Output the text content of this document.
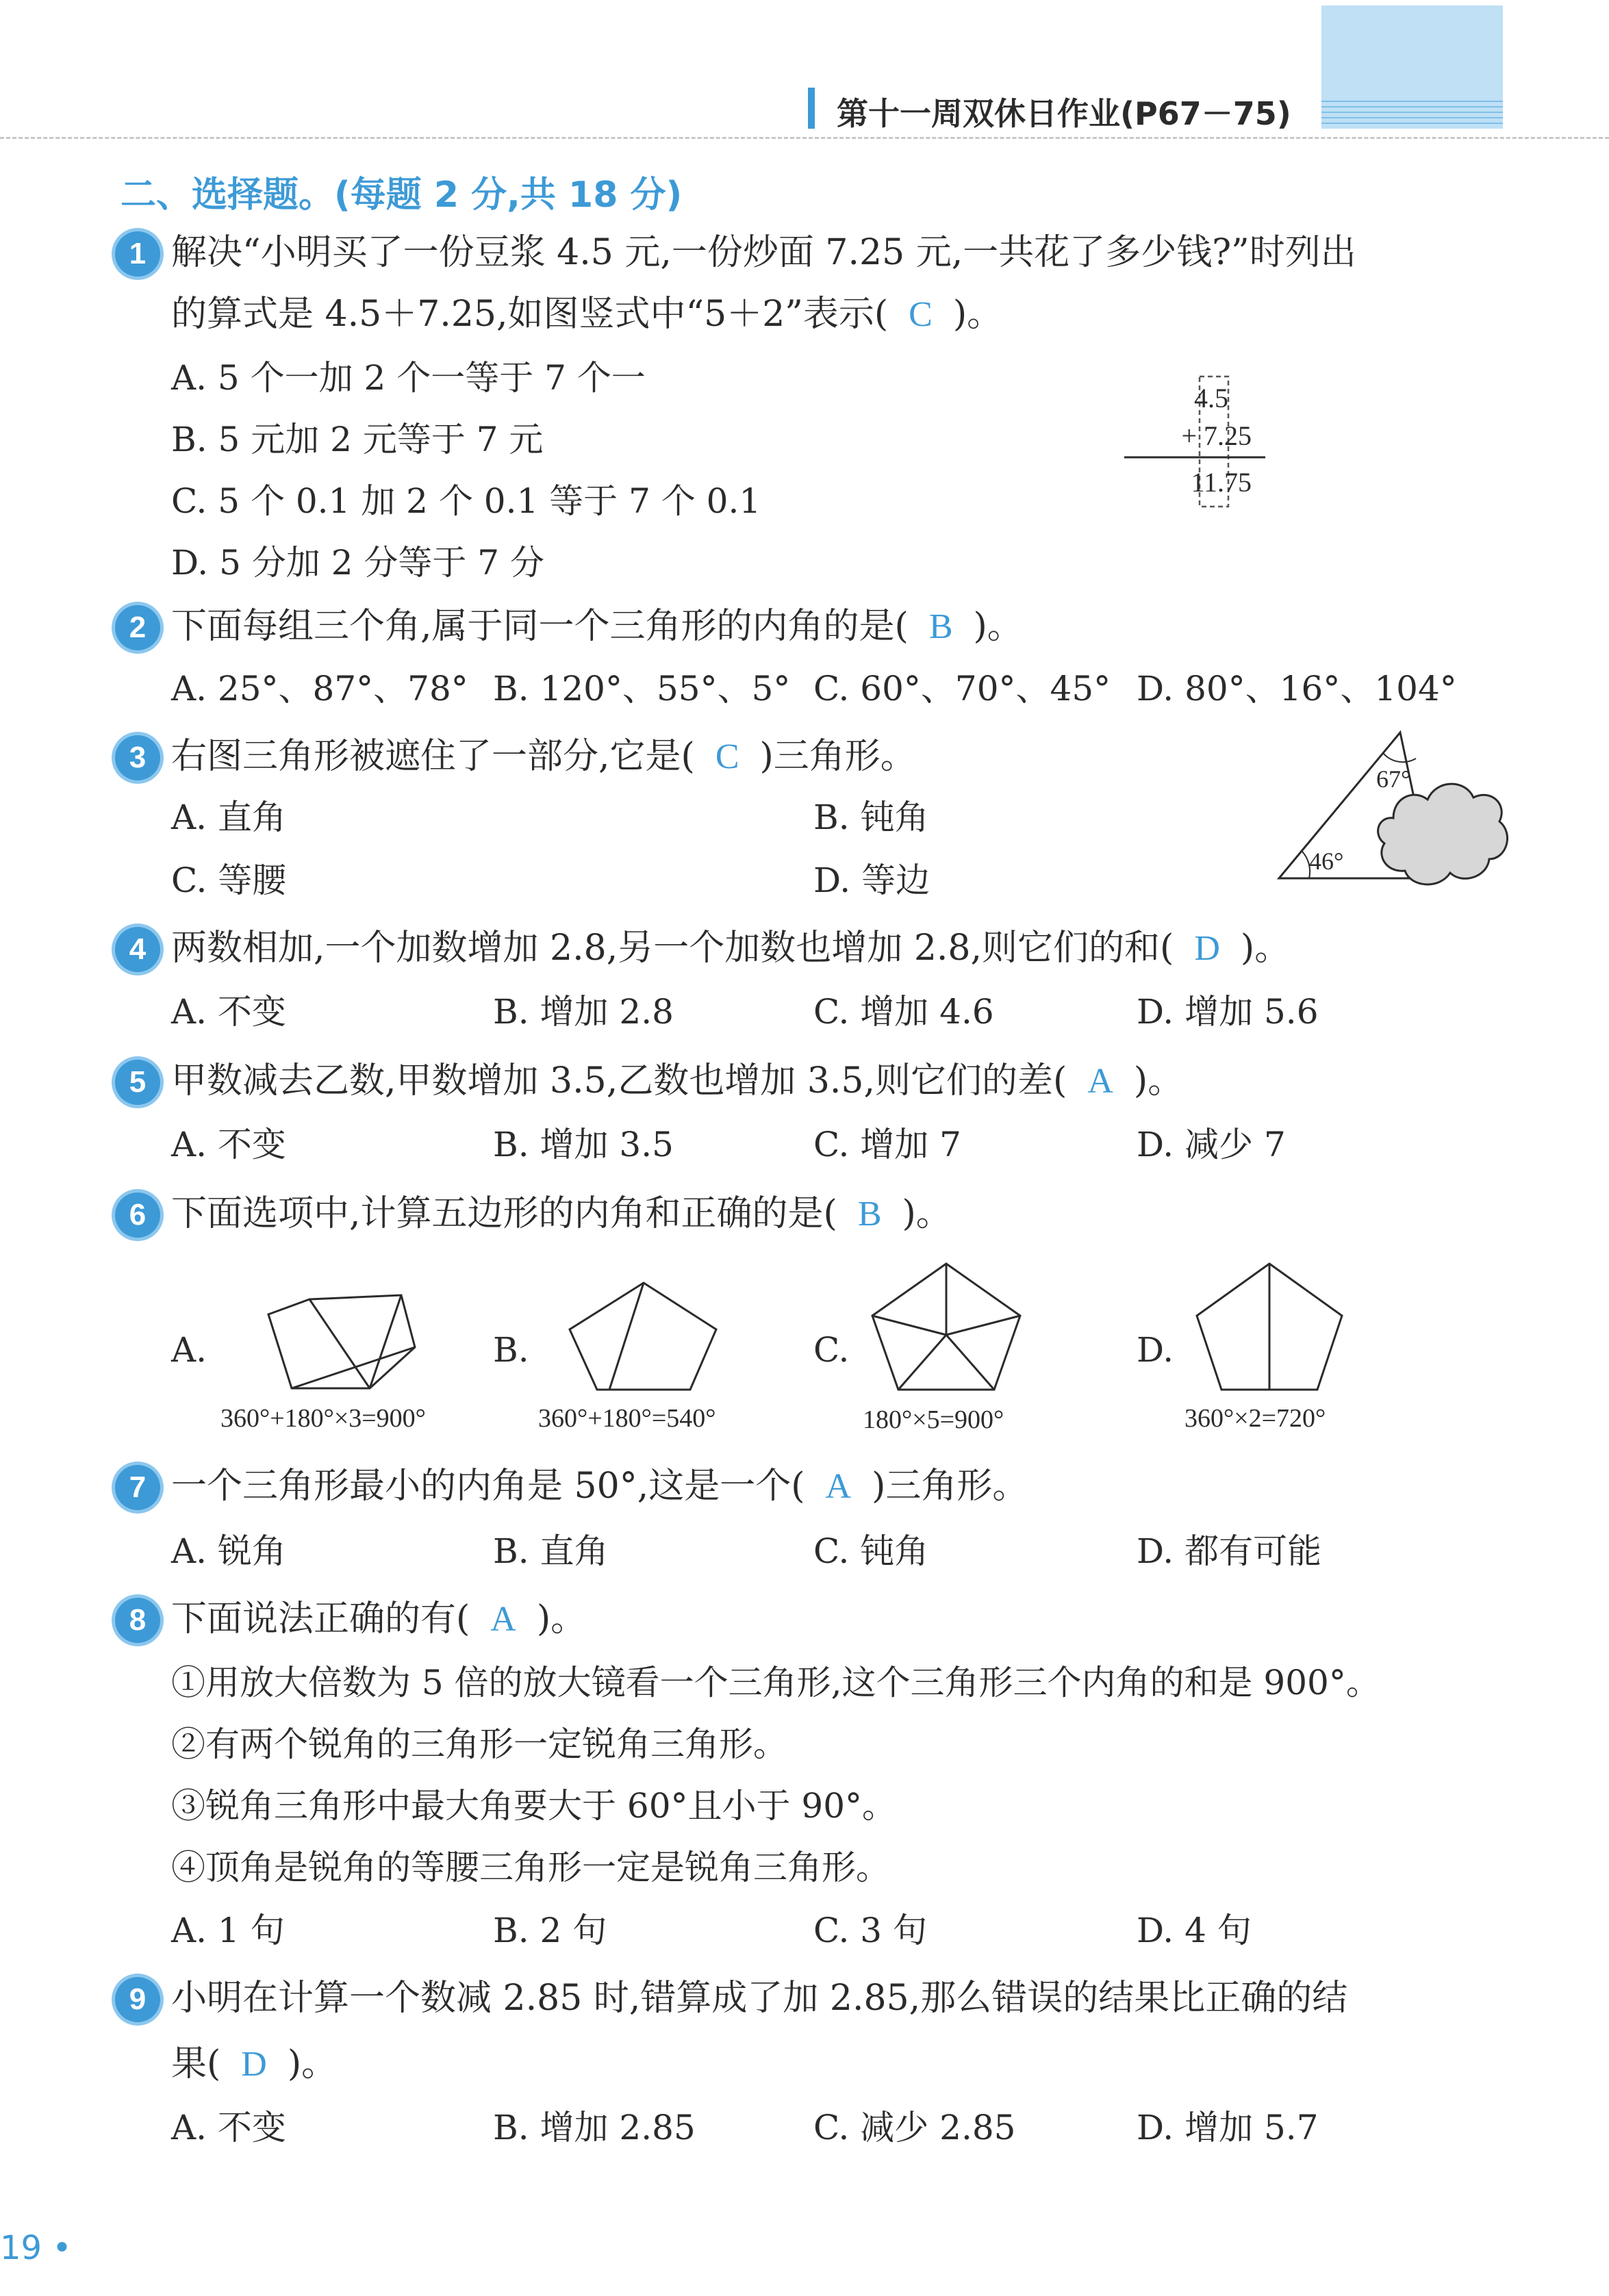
第十一周双休日作业(P67－75)
二、选择题。(每题 2 分,共 18 分)
1 解决“小明买了一份豆浆 4.5 元,一份炒面 7.25 元,一共花了多少钱?”时列出
的算式是 4.5＋7.25,如图竖式中“5＋2”表示( C )。
A. 5 个一加 2 个一等于 7 个一
B. 5 元加 2 元等于 7 元
C. 5 个 0.1 加 2 个 0.1 等于 7 个 0.1
D. 5 分加 2 分等于 7 分
4.5
+ 7.25
11.75
2 下面每组三个角,属于同一个三角形的内角的是( B )。
A. 25°、87°、78° B. 120°、55°、5° C. 60°、70°、45° D. 80°、16°、104°
3 右图三角形被遮住了一部分,它是( C )三角形。
A. 直角	B. 钝角
C. 等腰	D. 等边
67°
46°
4 两数相加,一个加数增加 2.8,另一个加数也增加 2.8,则它们的和( D )。
A. 不变	B. 增加 2.8	C. 增加 4.6	D. 增加 5.6
5 甲数减去乙数,甲数增加 3.5,乙数也增加 3.5,则它们的差( A )。
A. 不变	B. 增加 3.5	C. 增加 7	D. 减少 7
6 下面选项中,计算五边形的内角和正确的是( B )。
A.
360°+180°×3=900°
B.
360°+180°=540°
C.
180°×5=900°
D.
360°×2=720°
7 一个三角形最小的内角是 50°,这是一个( A )三角形。
A. 锐角	B. 直角	C. 钝角	D. 都有可能
8 下面说法正确的有( A )。
①用放大倍数为 5 倍的放大镜看一个三角形,这个三角形三个内角的和是 900°。
②有两个锐角的三角形一定锐角三角形。
③锐角三角形中最大角要大于 60°且小于 90°。
④顶角是锐角的等腰三角形一定是锐角三角形。
A. 1 句	B. 2 句	C. 3 句	D. 4 句
9 小明在计算一个数减 2.85 时,错算成了加 2.85,那么错误的结果比正确的结
果( D )。
A. 不变	B. 增加 2.85	C. 减少 2.85	D. 增加 5.7
19 •
